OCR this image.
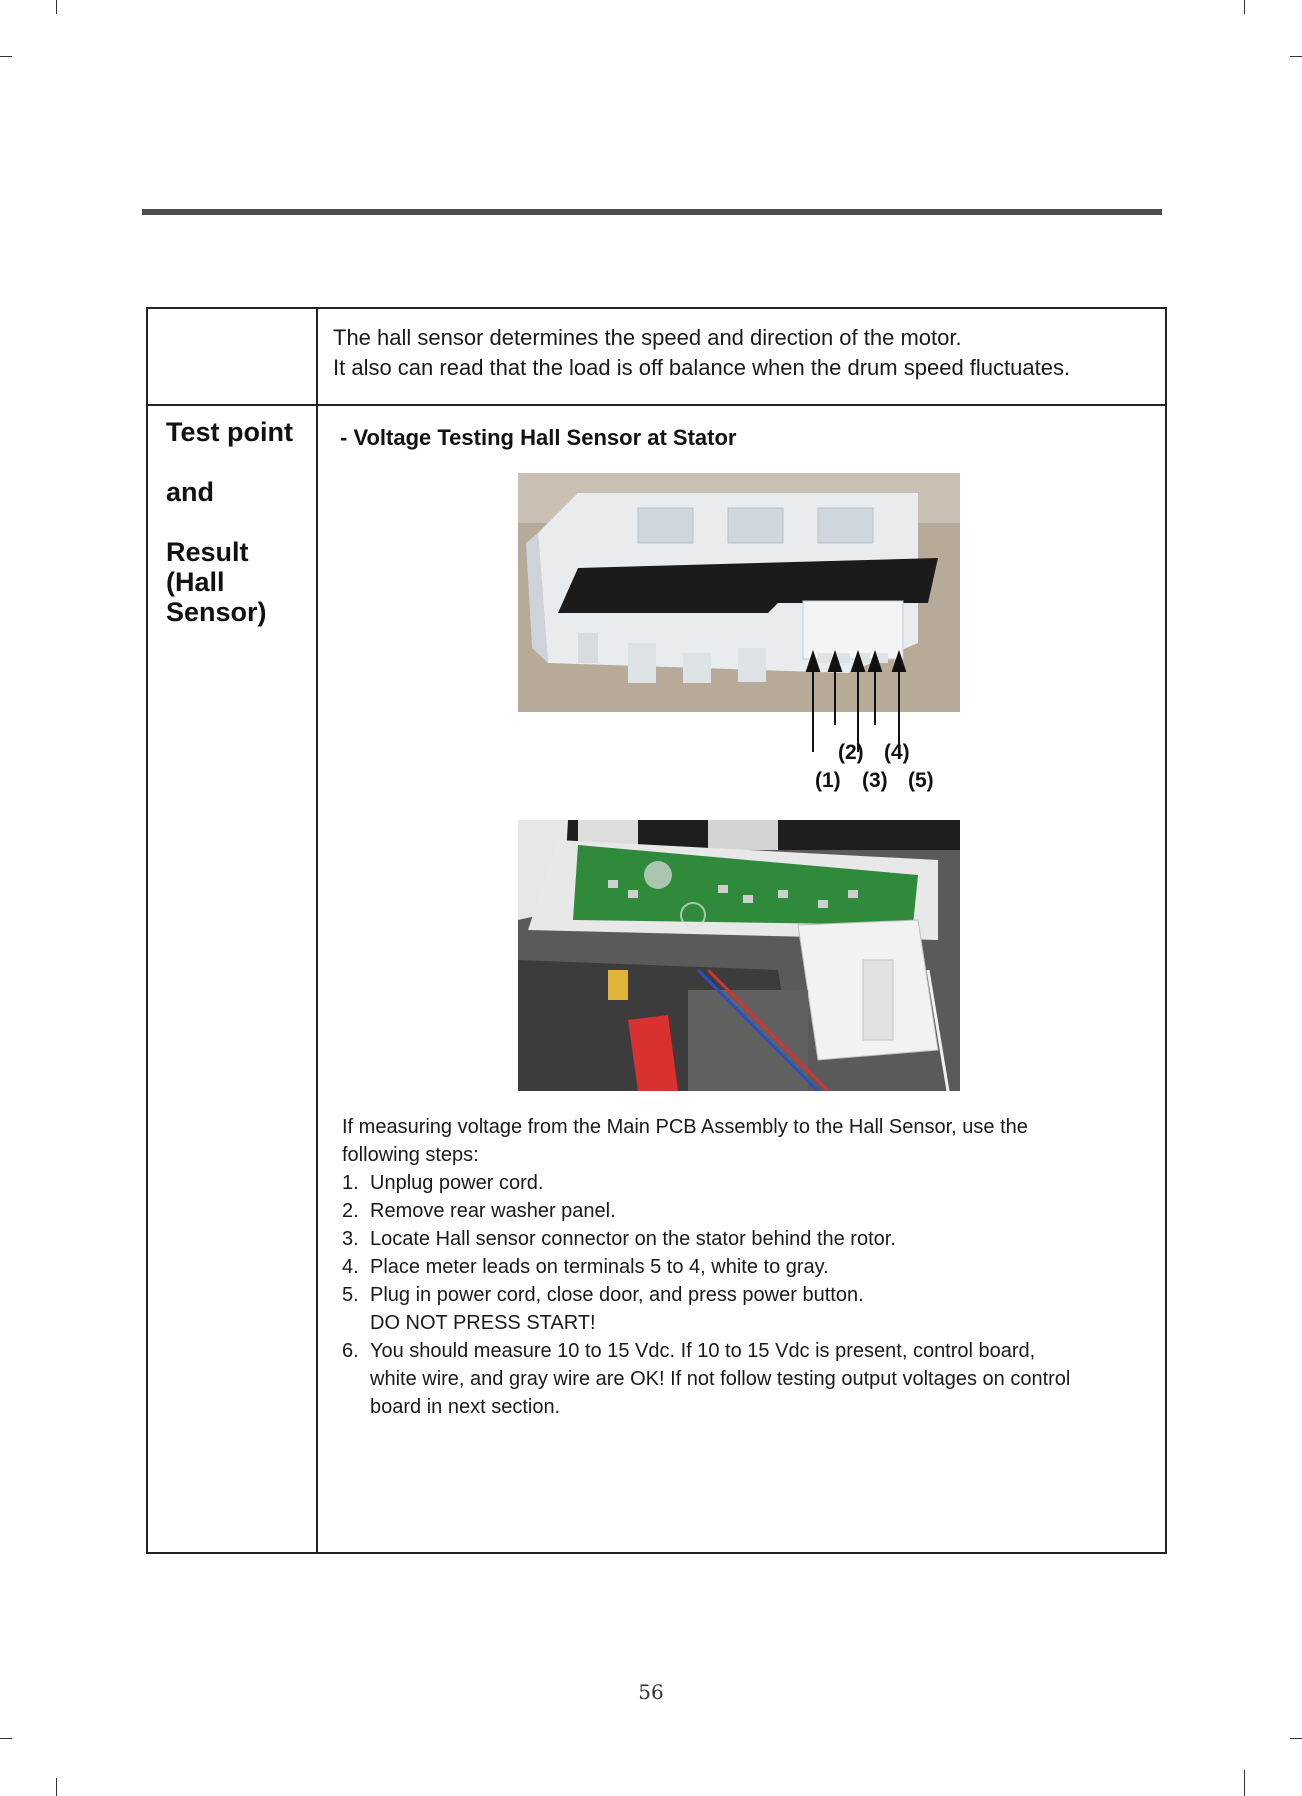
The hall sensor determines the speed and direction of the motor.
It also can read that the load is off balance when the drum speed fluctuates.
Test point
and
Result
(Hall
Sensor)
- Voltage Testing Hall Sensor at Stator
(2) (4)
(1) (3) (5)

If measuring voltage from the Main PCB Assembly to the Hall Sensor, use the

following steps:

1. Unplug power cord.
2. Remove rear washer panel.
3. Locate Hall sensor connector on the stator behind the rotor.
4. Place meter leads on terminals 5 to 4, white to gray.
5. Plug in power cord, close door, and press power button.
DO NOT PRESS START!
6. You should measure 10 to 15 Vdc. If 10 to 15 Vdc is present, control board,
white wire, and gray wire are OK! If not follow testing output voltages on control
board in next section.
56
